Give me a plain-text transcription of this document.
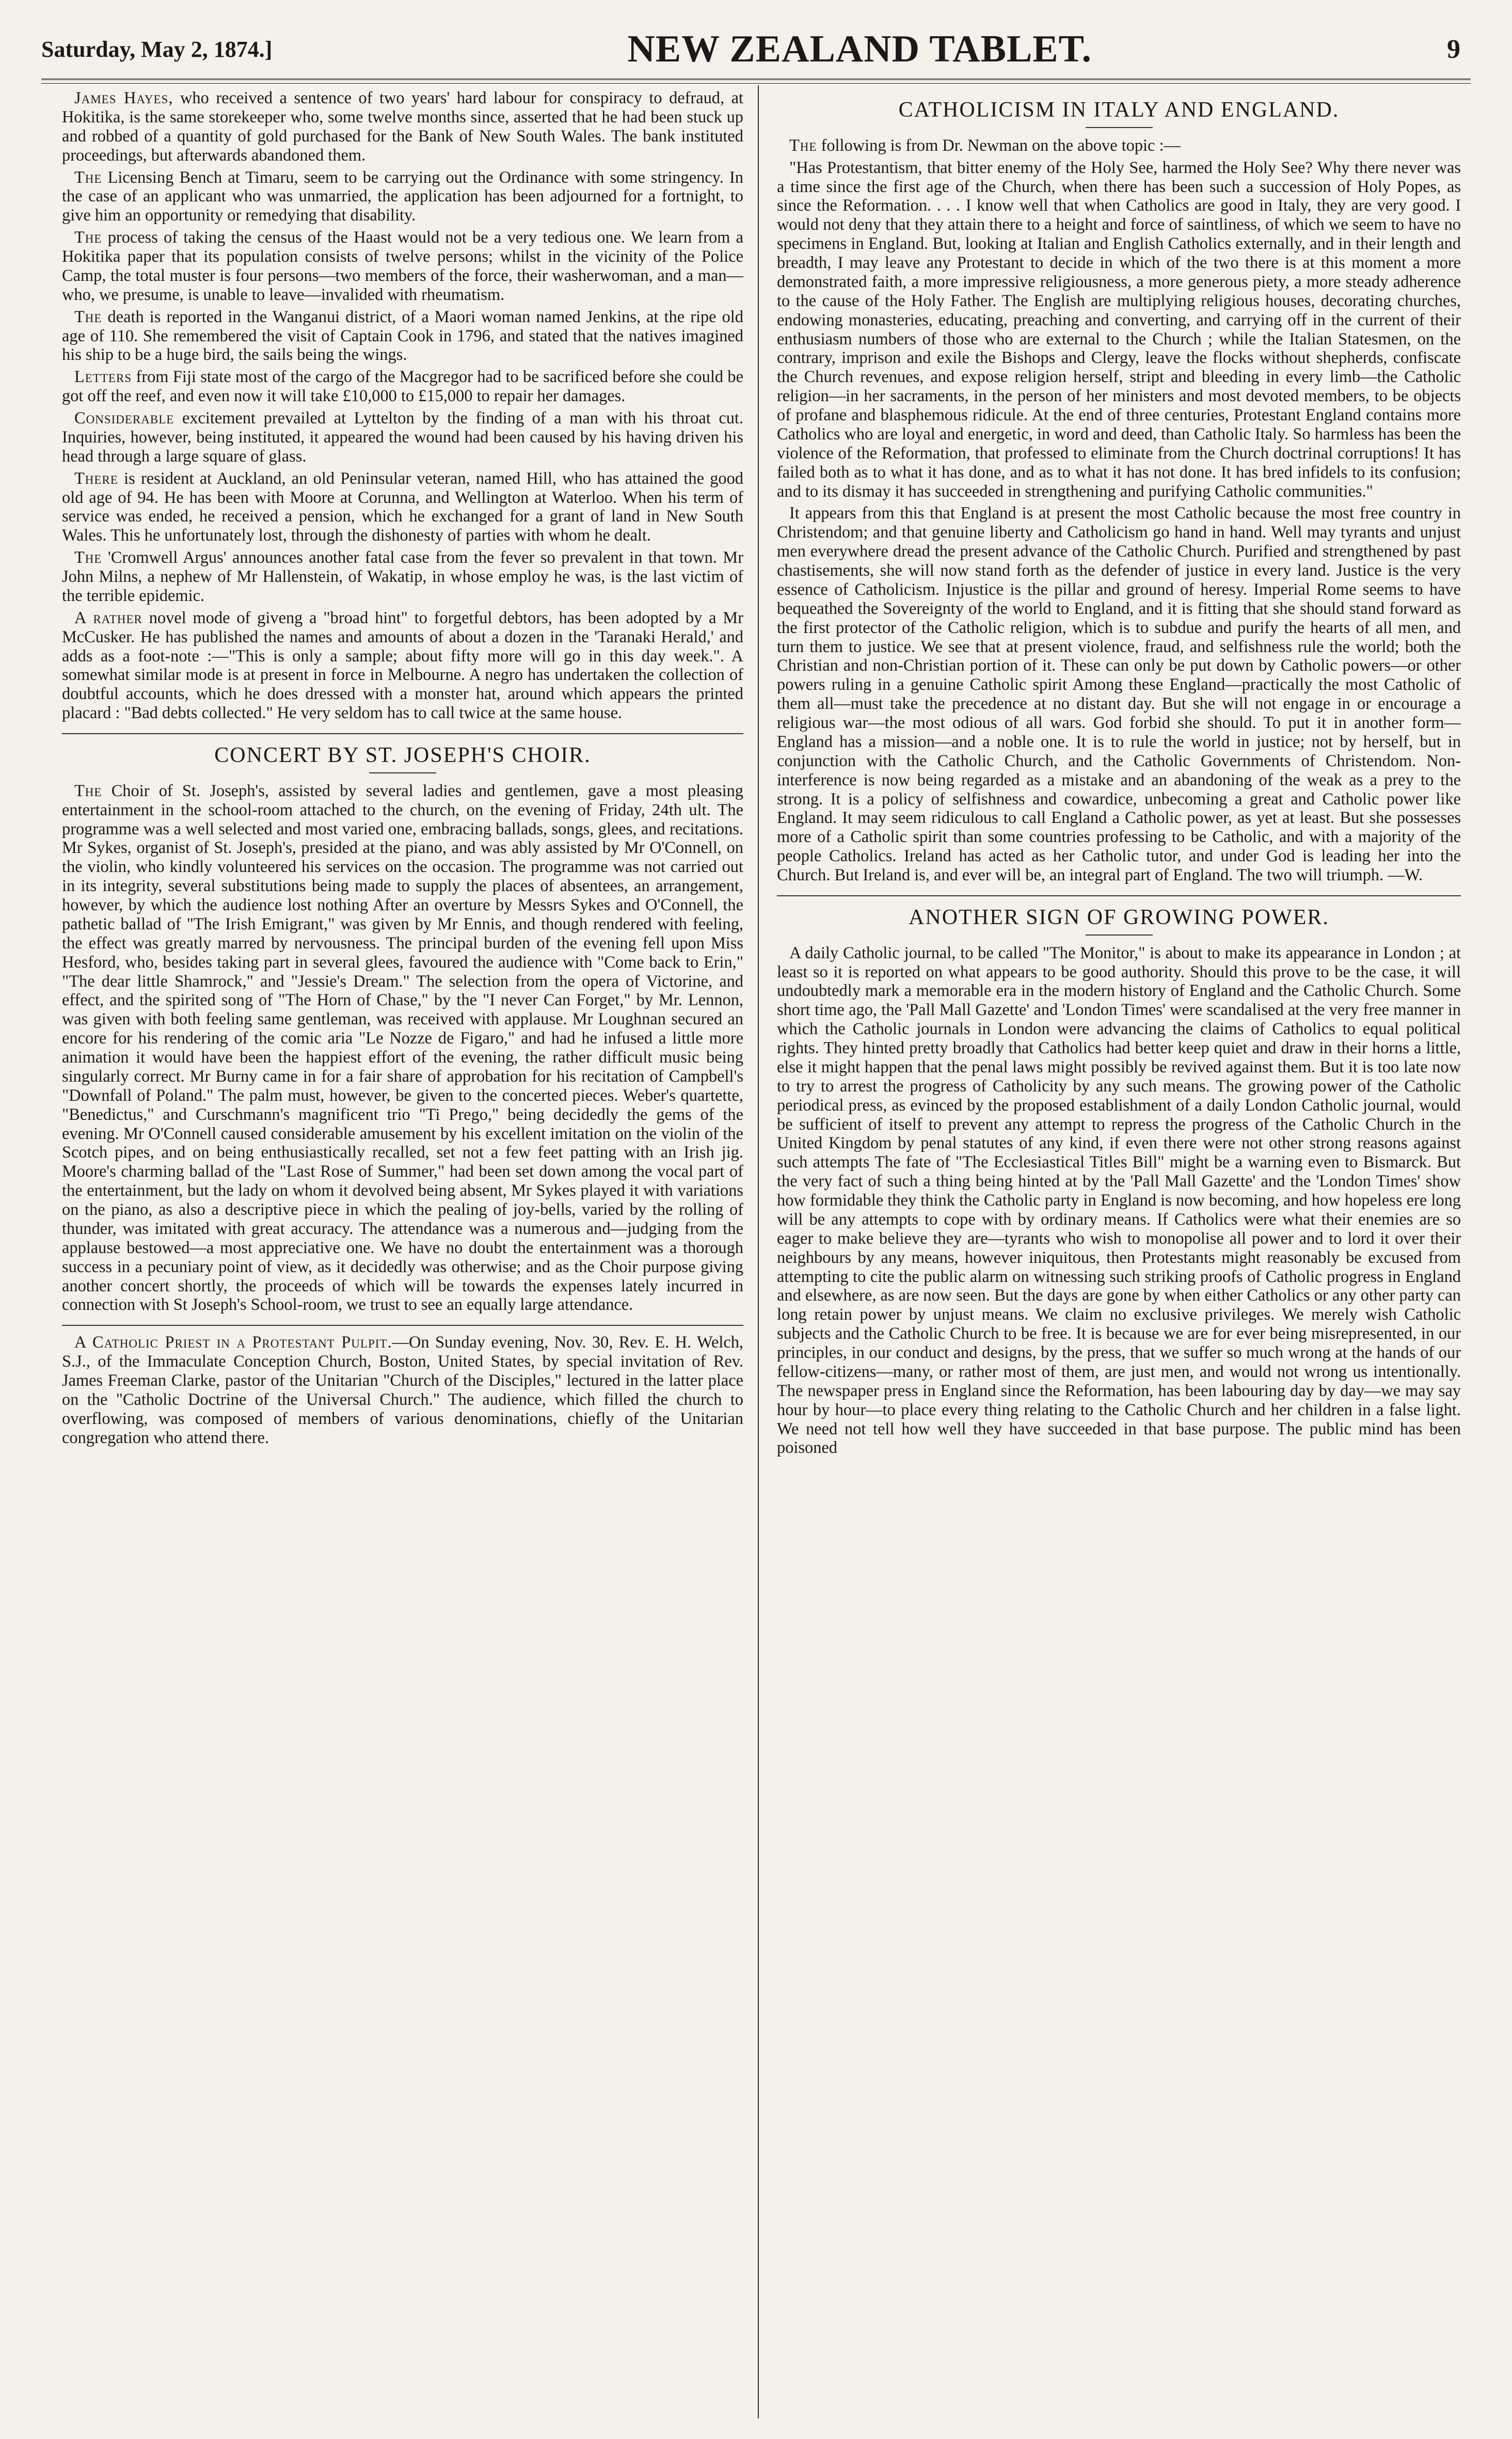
Saturday, May 2, 1874.]	NEW ZEALAND TABLET.	9

James Hayes, who received a sentence of two years' hard labour for conspiracy to defraud, at Hokitika, is the same storekeeper who, some twelve months since, asserted that he had been stuck up and robbed of a quantity of gold purchased for the Bank of New South Wales. The bank instituted proceedings, but afterwards abandoned them.

The Licensing Bench at Timaru, seem to be carrying out the Ordinance with some stringency. In the case of an applicant who was unmarried, the application has been adjourned for a fortnight, to give him an opportunity or remedying that disability.

The process of taking the census of the Haast would not be a very tedious one. We learn from a Hokitika paper that its population consists of twelve persons; whilst in the vicinity of the Police Camp, the total muster is four persons—two members of the force, their washerwoman, and a man—who, we presume, is unable to leave—invalided with rheumatism.

The death is reported in the Wanganui district, of a Maori woman named Jenkins, at the ripe old age of 110. She remembered the visit of Captain Cook in 1796, and stated that the natives imagined his ship to be a huge bird, the sails being the wings.

Letters from Fiji state most of the cargo of the Macgregor had to be sacrificed before she could be got off the reef, and even now it will take £10,000 to £15,000 to repair her damages.

Considerable excitement prevailed at Lyttelton by the finding of a man with his throat cut. Inquiries, however, being instituted, it appeared the wound had been caused by his having driven his head through a large square of glass.

There is resident at Auckland, an old Peninsular veteran, named Hill, who has attained the good old age of 94. He has been with Moore at Corunna, and Wellington at Waterloo. When his term of service was ended, he received a pension, which he exchanged for a grant of land in New South Wales. This he unfortunately lost, through the dishonesty of parties with whom he dealt.

The 'Cromwell Argus' announces another fatal case from the fever so prevalent in that town. Mr John Milns, a nephew of Mr Hallenstein, of Wakatip, in whose employ he was, is the last victim of the terrible epidemic.

A rather novel mode of giveng a "broad hint" to forgetful debtors, has been adopted by a Mr McCusker. He has published the names and amounts of about a dozen in the 'Taranaki Herald,' and adds as a foot-note :—"This is only a sample; about fifty more will go in this day week.". A somewhat similar mode is at present in force in Melbourne. A negro has undertaken the collection of doubtful accounts, which he does dressed with a monster hat, around which appears the printed placard : "Bad debts collected." He very seldom has to call twice at the same house.

CONCERT BY ST. JOSEPH'S CHOIR.

The Choir of St. Joseph's, assisted by several ladies and gentlemen, gave a most pleasing entertainment in the school-room attached to the church, on the evening of Friday, 24th ult. The programme was a well selected and most varied one, embracing ballads, songs, glees, and recitations. Mr Sykes, organist of St. Joseph's, presided at the piano, and was ably assisted by Mr O'Connell, on the violin, who kindly volunteered his services on the occasion. The programme was not carried out in its integrity, several substitutions being made to supply the places of absentees, an arrangement, however, by which the audience lost nothing After an overture by Messrs Sykes and O'Connell, the pathetic ballad of "The Irish Emigrant," was given by Mr Ennis, and though rendered with feeling, the effect was greatly marred by nervousness. The principal burden of the evening fell upon Miss Hesford, who, besides taking part in several glees, favoured the audience with "Come back to Erin," "The dear little Shamrock," and "Jessie's Dream." The selection from the opera of Victorine, and effect, and the spirited song of "The Horn of Chase," by the "I never Can Forget," by Mr. Lennon, was given with both feeling same gentleman, was received with applause. Mr Loughnan secured an encore for his rendering of the comic aria "Le Nozze de Figaro," and had he infused a little more animation it would have been the happiest effort of the evening, the rather difficult music being singularly correct. Mr Burny came in for a fair share of approbation for his recitation of Campbell's "Downfall of Poland." The palm must, however, be given to the concerted pieces. Weber's quartette, "Benedictus," and Curschmann's magnificent trio "Ti Prego," being decidedly the gems of the evening. Mr O'Connell caused considerable amusement by his excellent imitation on the violin of the Scotch pipes, and on being enthusiastically recalled, set not a few feet patting with an Irish jig. Moore's charming ballad of the "Last Rose of Summer," had been set down among the vocal part of the entertainment, but the lady on whom it devolved being absent, Mr Sykes played it with variations on the piano, as also a descriptive piece in which the pealing of joy-bells, varied by the rolling of thunder, was imitated with great accuracy. The attendance was a numerous and—judging from the applause bestowed—a most appreciative one. We have no doubt the entertainment was a thorough success in a pecuniary point of view, as it decidedly was otherwise; and as the Choir purpose giving another concert shortly, the proceeds of which will be towards the expenses lately incurred in connection with St Joseph's School-room, we trust to see an equally large attendance.

A Catholic Priest in a Protestant Pulpit.—On Sunday evening, Nov. 30, Rev. E. H. Welch, S.J., of the Immaculate Conception Church, Boston, United States, by special invitation of Rev. James Freeman Clarke, pastor of the Unitarian "Church of the Disciples," lectured in the latter place on the "Catholic Doctrine of the Universal Church." The audience, which filled the church to overflowing, was composed of members of various denominations, chiefly of the Unitarian congregation who attend there.

CATHOLICISM IN ITALY AND ENGLAND.

The following is from Dr. Newman on the above topic :—

"Has Protestantism, that bitter enemy of the Holy See, harmed the Holy See? Why there never was a time since the first age of the Church, when there has been such a succession of Holy Popes, as since the Reformation. . . . I know well that when Catholics are good in Italy, they are very good. I would not deny that they attain there to a height and force of saintliness, of which we seem to have no specimens in England. But, looking at Italian and English Catholics externally, and in their length and breadth, I may leave any Protestant to decide in which of the two there is at this moment a more demonstrated faith, a more impressive religiousness, a more generous piety, a more steady adherence to the cause of the Holy Father. The English are multiplying religious houses, decorating churches, endowing monasteries, educating, preaching and converting, and carrying off in the current of their enthusiasm numbers of those who are external to the Church ; while the Italian Statesmen, on the contrary, imprison and exile the Bishops and Clergy, leave the flocks without shepherds, confiscate the Church revenues, and expose religion herself, stript and bleeding in every limb—the Catholic religion—in her sacraments, in the person of her ministers and most devoted members, to be objects of profane and blasphemous ridicule. At the end of three centuries, Protestant England contains more Catholics who are loyal and energetic, in word and deed, than Catholic Italy. So harmless has been the violence of the Reformation, that professed to eliminate from the Church doctrinal corruptions! It has failed both as to what it has done, and as to what it has not done. It has bred infidels to its confusion; and to its dismay it has succeeded in strengthening and purifying Catholic communities."

It appears from this that England is at present the most Catholic because the most free country in Christendom; and that genuine liberty and Catholicism go hand in hand. Well may tyrants and unjust men everywhere dread the present advance of the Catholic Church. Purified and strengthened by past chastisements, she will now stand forth as the defender of justice in every land. Justice is the very essence of Catholicism. Injustice is the pillar and ground of heresy. Imperial Rome seems to have bequeathed the Sovereignty of the world to England, and it is fitting that she should stand forward as the first protector of the Catholic religion, which is to subdue and purify the hearts of all men, and turn them to justice. We see that at present violence, fraud, and selfishness rule the world; both the Christian and non-Christian portion of it. These can only be put down by Catholic powers—or other powers ruling in a genuine Catholic spirit Among these England—practically the most Catholic of them all—must take the precedence at no distant day. But she will not engage in or encourage a religious war—the most odious of all wars. God forbid she should. To put it in another form—England has a mission—and a noble one. It is to rule the world in justice; not by herself, but in conjunction with the Catholic Church, and the Catholic Governments of Christendom. Non-interference is now being regarded as a mistake and an abandoning of the weak as a prey to the strong. It is a policy of selfishness and cowardice, unbecoming a great and Catholic power like England. It may seem ridiculous to call England a Catholic power, as yet at least. But she possesses more of a Catholic spirit than some countries professing to be Catholic, and with a majority of the people Catholics. Ireland has acted as her Catholic tutor, and under God is leading her into the Church. But Ireland is, and ever will be, an integral part of England. The two will triumph. —W.

ANOTHER SIGN OF GROWING POWER.

A daily Catholic journal, to be called "The Monitor," is about to make its appearance in London ; at least so it is reported on what appears to be good authority. Should this prove to be the case, it will undoubtedly mark a memorable era in the modern history of England and the Catholic Church. Some short time ago, the 'Pall Mall Gazette' and 'London Times' were scandalised at the very free manner in which the Catholic journals in London were advancing the claims of Catholics to equal political rights. They hinted pretty broadly that Catholics had better keep quiet and draw in their horns a little, else it might happen that the penal laws might possibly be revived against them. But it is too late now to try to arrest the progress of Catholicity by any such means. The growing power of the Catholic periodical press, as evinced by the proposed establishment of a daily London Catholic journal, would be sufficient of itself to prevent any attempt to repress the progress of the Catholic Church in the United Kingdom by penal statutes of any kind, if even there were not other strong reasons against such attempts The fate of "The Ecclesiastical Titles Bill" might be a warning even to Bismarck. But the very fact of such a thing being hinted at by the 'Pall Mall Gazette' and the 'London Times' show how formidable they think the Catholic party in England is now becoming, and how hopeless ere long will be any attempts to cope with by ordinary means. If Catholics were what their enemies are so eager to make believe they are—tyrants who wish to monopolise all power and to lord it over their neighbours by any means, however iniquitous, then Protestants might reasonably be excused from attempting to cite the public alarm on witnessing such striking proofs of Catholic progress in England and elsewhere, as are now seen. But the days are gone by when either Catholics or any other party can long retain power by unjust means. We claim no exclusive privileges. We merely wish Catholic subjects and the Catholic Church to be free. It is because we are for ever being misrepresented, in our principles, in our conduct and designs, by the press, that we suffer so much wrong at the hands of our fellow-citizens—many, or rather most of them, are just men, and would not wrong us intentionally. The newspaper press in England since the Reformation, has been labouring day by day—we may say hour by hour—to place every thing relating to the Catholic Church and her children in a false light. We need not tell how well they have succeeded in that base purpose. The public mind has been poisoned
